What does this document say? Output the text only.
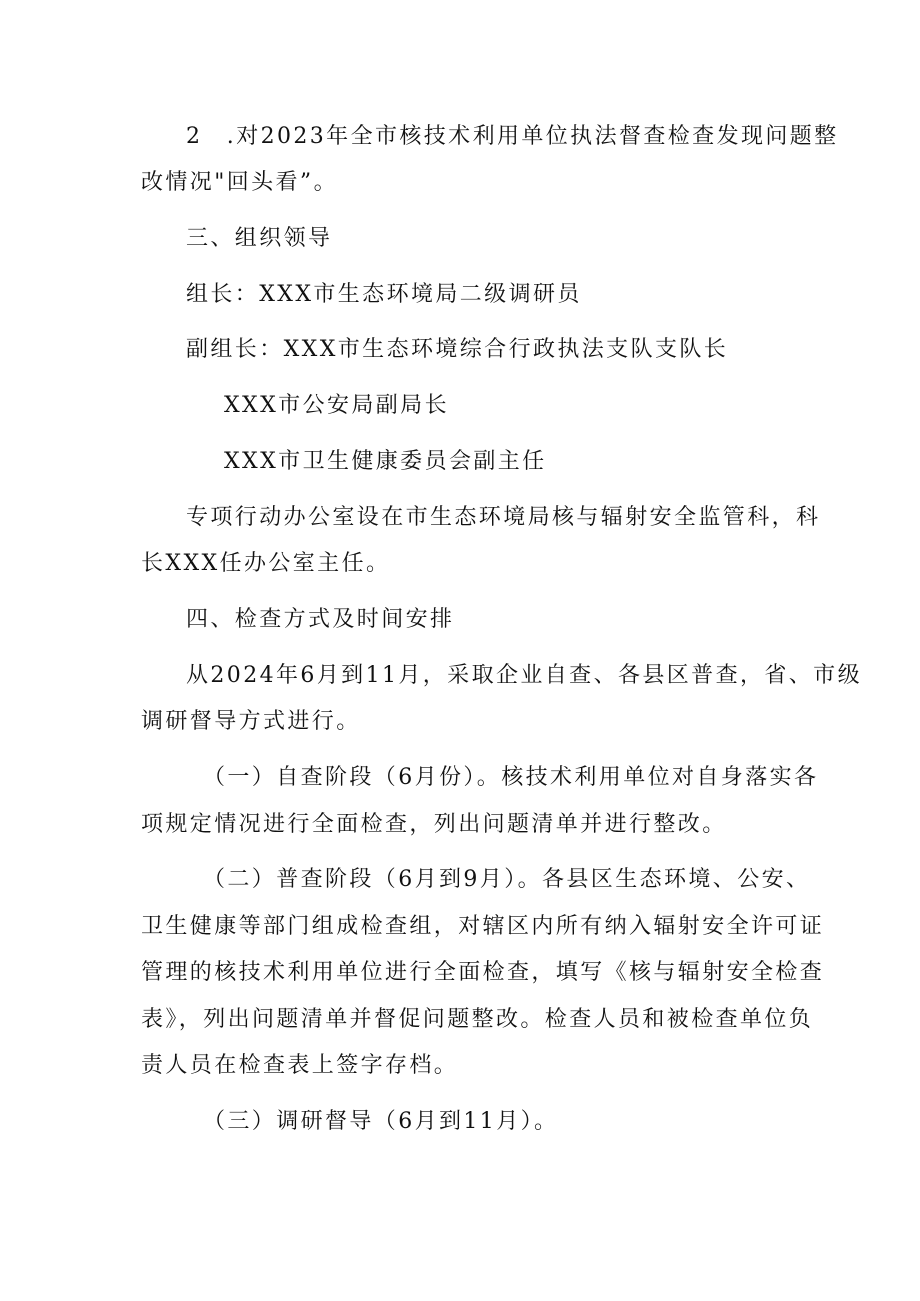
2　.对2023年全市核技术利用单位执法督查检查发现问题整
改情况"回头看”。
三、组织领导
组长：XXX市生态环境局二级调研员
副组长：XXX市生态环境综合行政执法支队支队长
XXX市公安局副局长
XXX市卫生健康委员会副主任
专项行动办公室设在市生态环境局核与辐射安全监管科，科
长XXX任办公室主任。
四、检查方式及时间安排
从2024年6月到11月，采取企业自查、各县区普查，省、市级
调研督导方式进行。
（一）自查阶段（6月份）。核技术利用单位对自身落实各
项规定情况进行全面检查，列出问题清单并进行整改。
（二）普查阶段（6月到9月）。各县区生态环境、公安、
卫生健康等部门组成检查组，对辖区内所有纳入辐射安全许可证
管理的核技术利用单位进行全面检查，填写《核与辐射安全检查
表》，列出问题清单并督促问题整改。检查人员和被检查单位负
责人员在检查表上签字存档。
（三）调研督导（6月到11月）。
